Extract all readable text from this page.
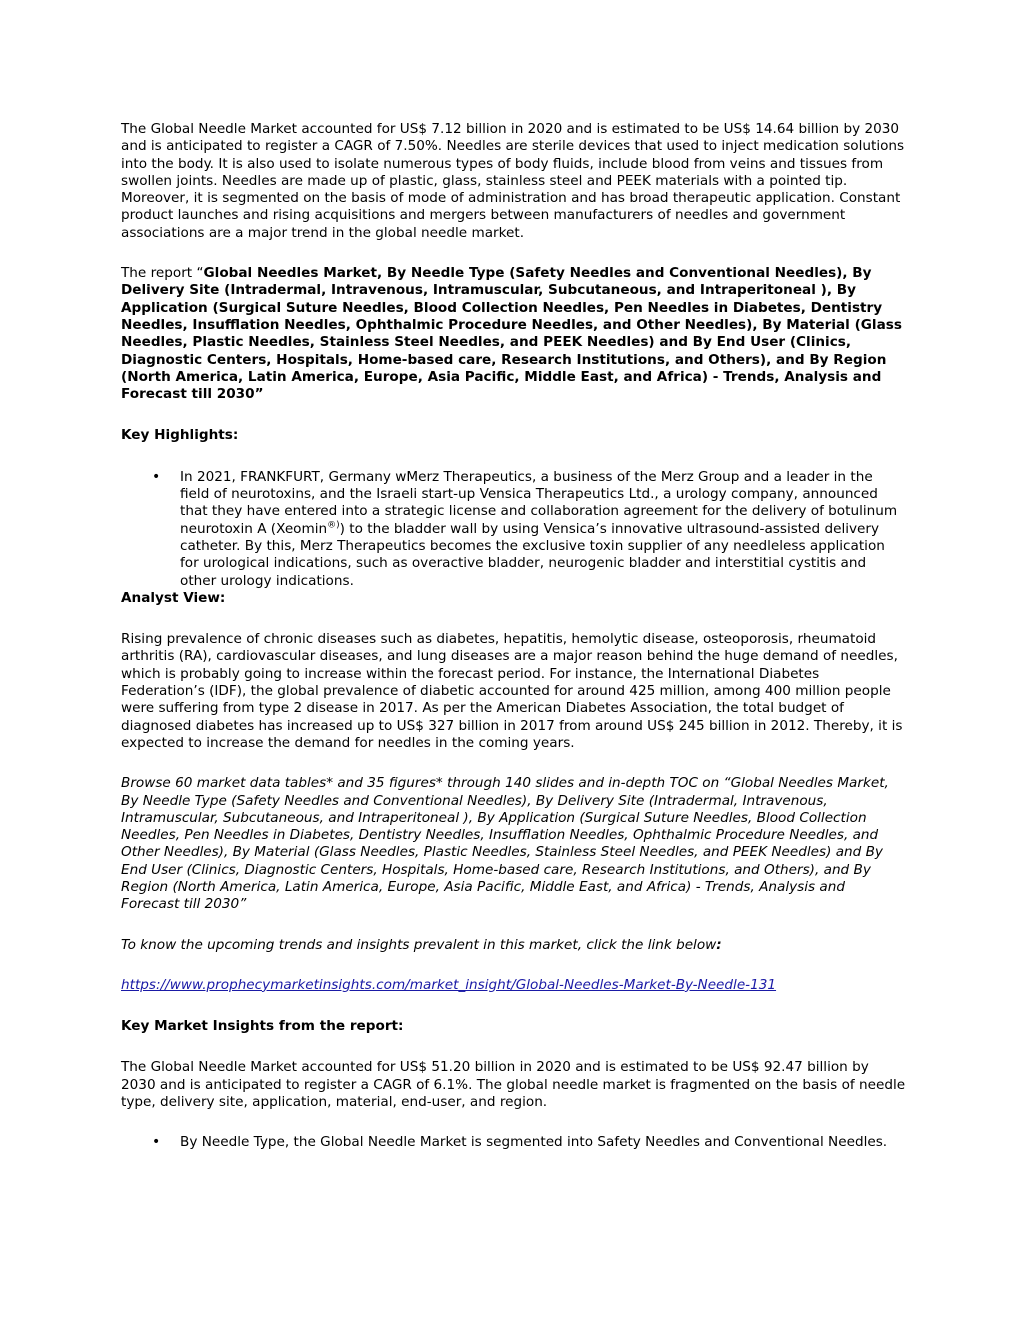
The Global Needle Market accounted for US$ 7.12 billion in 2020 and is estimated to be US$ 14.64 billion by 2030 and is anticipated to register a CAGR of 7.50%. Needles are sterile devices that used to inject medication solutions into the body. It is also used to isolate numerous types of body fluids, include blood from veins and tissues from swollen joints. Needles are made up of plastic, glass, stainless steel and PEEK materials with a pointed tip. Moreover, it is segmented on the basis of mode of administration and has broad therapeutic application. Constant product launches and rising acquisitions and mergers between manufacturers of needles and government associations are a major trend in the global needle market.

The report “Global Needles Market, By Needle Type (Safety Needles and Conventional Needles), By Delivery Site (Intradermal, Intravenous, Intramuscular, Subcutaneous, and Intraperitoneal ), By Application (Surgical Suture Needles, Blood Collection Needles, Pen Needles in Diabetes, Dentistry Needles, Insufflation Needles, Ophthalmic Procedure Needles, and Other Needles), By Material (Glass Needles, Plastic Needles, Stainless Steel Needles, and PEEK Needles) and By End User (Clinics, Diagnostic Centers, Hospitals, Home-based care, Research Institutions, and Others), and By Region (North America, Latin America, Europe, Asia Pacific, Middle East, and Africa) - Trends, Analysis and Forecast till 2030”

Key Highlights:

• In 2021, FRANKFURT, Germany wMerz Therapeutics, a business of the Merz Group and a leader in the field of neurotoxins, and the Israeli start-up Vensica Therapeutics Ltd., a urology company, announced that they have entered into a strategic license and collaboration agreement for the delivery of botulinum neurotoxin A (Xeomin®)) to the bladder wall by using Vensica’s innovative ultrasound-assisted delivery catheter. By this, Merz Therapeutics becomes the exclusive toxin supplier of any needleless application for urological indications, such as overactive bladder, neurogenic bladder and interstitial cystitis and other urology indications.

Analyst View:

Rising prevalence of chronic diseases such as diabetes, hepatitis, hemolytic disease, osteoporosis, rheumatoid arthritis (RA), cardiovascular diseases, and lung diseases are a major reason behind the huge demand of needles, which is probably going to increase within the forecast period. For instance, the International Diabetes Federation’s (IDF), the global prevalence of diabetic accounted for around 425 million, among 400 million people were suffering from type 2 disease in 2017. As per the American Diabetes Association, the total budget of diagnosed diabetes has increased up to US$ 327 billion in 2017 from around US$ 245 billion in 2012. Thereby, it is expected to increase the demand for needles in the coming years.

Browse 60 market data tables* and 35 figures* through 140 slides and in-depth TOC on “Global Needles Market, By Needle Type (Safety Needles and Conventional Needles), By Delivery Site (Intradermal, Intravenous, Intramuscular, Subcutaneous, and Intraperitoneal ), By Application (Surgical Suture Needles, Blood Collection Needles, Pen Needles in Diabetes, Dentistry Needles, Insufflation Needles, Ophthalmic Procedure Needles, and Other Needles), By Material (Glass Needles, Plastic Needles, Stainless Steel Needles, and PEEK Needles) and By End User (Clinics, Diagnostic Centers, Hospitals, Home-based care, Research Institutions, and Others), and By Region (North America, Latin America, Europe, Asia Pacific, Middle East, and Africa) - Trends, Analysis and Forecast till 2030”

To know the upcoming trends and insights prevalent in this market, click the link below:

https://www.prophecymarketinsights.com/market_insight/Global-Needles-Market-By-Needle-131

Key Market Insights from the report:

The Global Needle Market accounted for US$ 51.20 billion in 2020 and is estimated to be US$ 92.47 billion by 2030 and is anticipated to register a CAGR of 6.1%. The global needle market is fragmented on the basis of needle type, delivery site, application, material, end-user, and region.

• By Needle Type, the Global Needle Market is segmented into Safety Needles and Conventional Needles.
